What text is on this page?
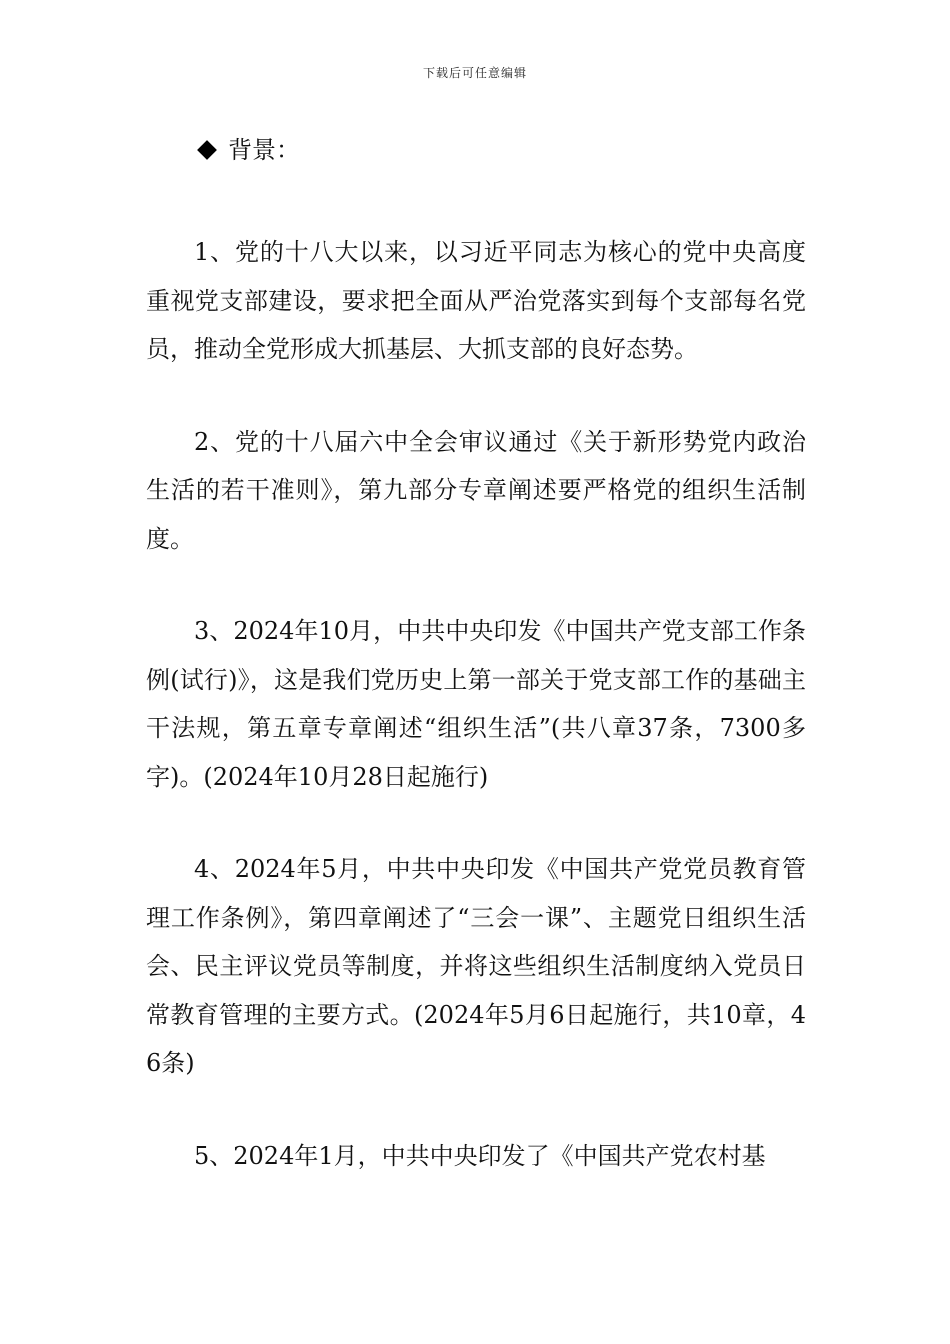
下载后可任意编辑
背景：

1、党的十八大以来，以习近平同志为核心的党中央高度重视党支部建设，要求把全面从严治党落实到每个支部每名党员，推动全党形成大抓基层、大抓支部的良好态势。

2、党的十八届六中全会审议通过《关于新形势党内政治生活的若干准则》，第九部分专章阐述要严格党的组织生活制度。

3、2024年10月，中共中央印发《中国共产党支部工作条例(试行)》，这是我们党历史上第一部关于党支部工作的基础主干法规，第五章专章阐述“组织生活”(共八章37条，7300多字)。(2024年10月28日起施行)

4、2024年5月，中共中央印发《中国共产党党员教育管理工作条例》，第四章阐述了“三会一课”、主题党日组织生活会、民主评议党员等制度，并将这些组织生活制度纳入党员日常教育管理的主要方式。(2024年5月6日起施行，共10章，46条)

5、2024年1月，中共中央印发了《中国共产党农村基
